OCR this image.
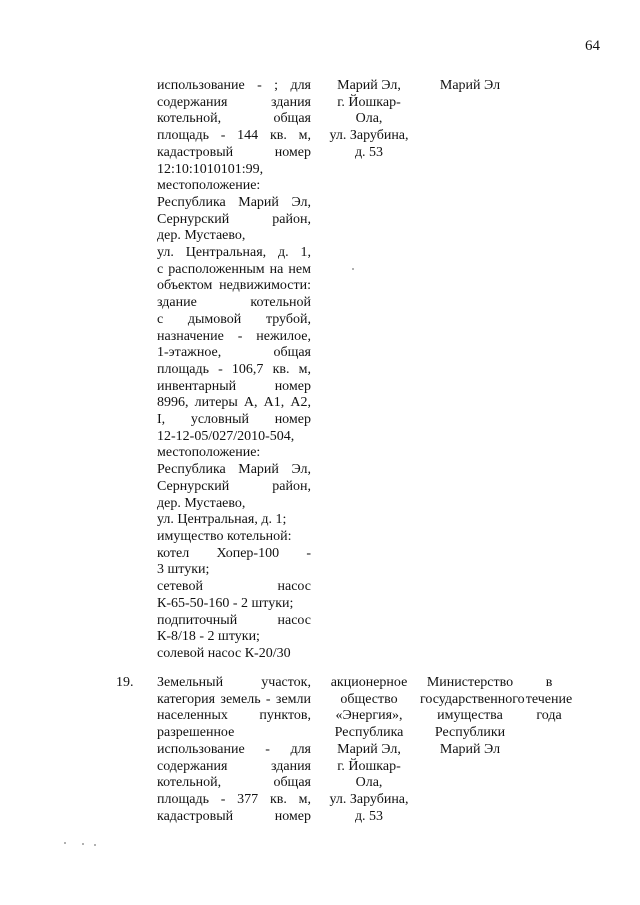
64
использование - ; для
содержания здания
котельной, общая
площадь - 144 кв. м,
кадастровый номер
12:10:1010101:99,
местоположение:
Республика Марий Эл,
Сернурский район,
дер. Мустаево,
ул. Центральная, д. 1,
с расположенным на нем
объектом недвижимости:
здание котельной
с дымовой трубой,
назначение - нежилое,
1-этажное, общая
площадь - 106,7 кв. м,
инвентарный номер
8996, литеры А, А1, А2,
I, условный номер
12-12-05/027/2010-504,
местоположение:
Республика Марий Эл,
Сернурский район,
дер. Мустаево,
ул. Центральная, д. 1;
имущество котельной:
котел Хопер-100 -
3 штуки;
сетевой насос
К-65-50-160 - 2 штуки;
подпиточный насос
К-8/18 - 2 штуки;
солевой насос К-20/30
Марий Эл,
г. Йошкар-
Ола,
ул. Зарубина,
д. 53
Марий Эл
19.	Земельный участок,
категория земель - земли
населенных пунктов,
разрешенное
использование - для
содержания здания
котельной, общая
площадь - 377 кв. м,
кадастровый номер
акционерное
общество
«Энергия»,
Республика
Марий Эл,
г. Йошкар-
Ола,
ул. Зарубина,
д. 53
Министерство
государственного
имущества
Республики
Марий Эл
в
течение
года
